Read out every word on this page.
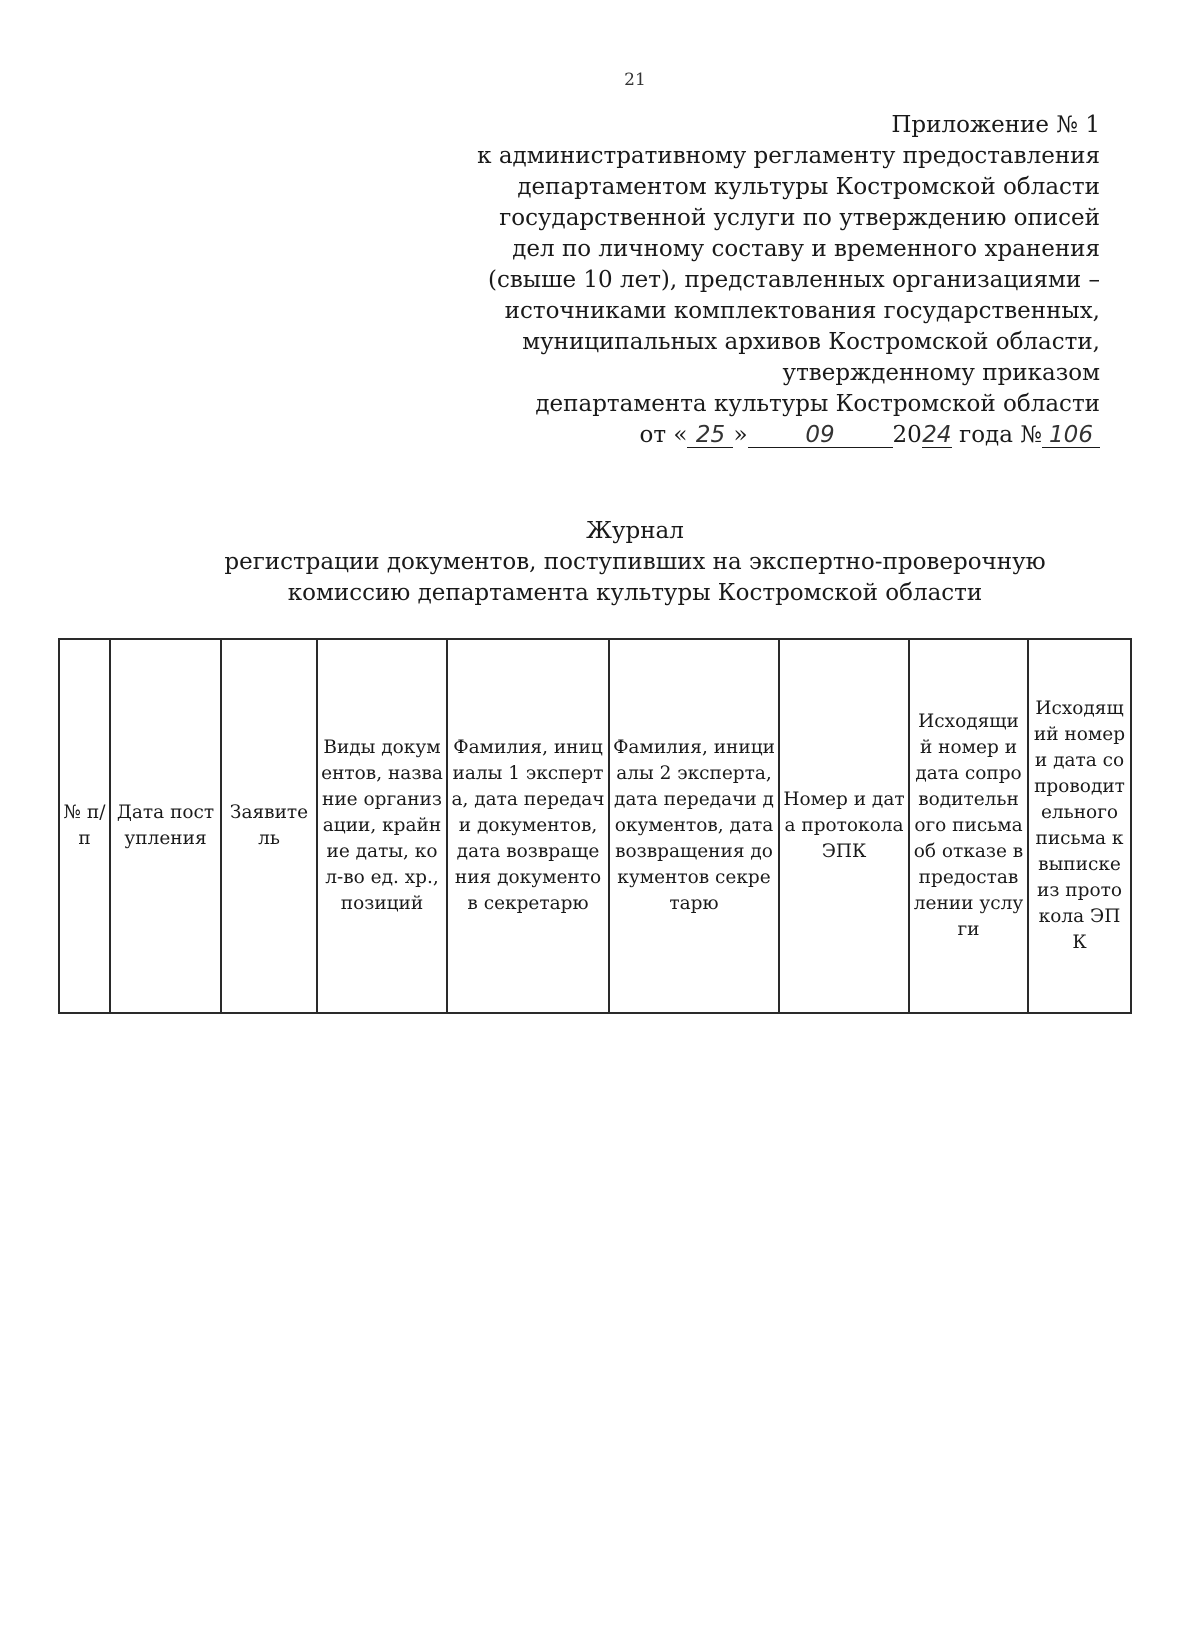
21
Приложение № 1
к административному регламенту предоставления
департаментом культуры Костромской области
государственной услуги по утверждению описей
дел по личному составу и временного хранения
(свыше 10 лет), представленных организациями –
источниками комплектования государственных,
муниципальных архивов Костромской области,
утвержденному приказом
департамента культуры Костромской области
от « 25 »	09	2024 года № 106
Журнал
регистрации документов, поступивших на экспертно-проверочную
комиссию департамента культуры Костромской области
№ п/п	Дата поступления	Заявитель	Виды документов, название организации, крайние даты, кол-во ед. хр., позиций	Фамилия, инициалы 1 эксперта, дата передачи документов, дата возвращения документов секретарю	Фамилия, инициалы 2 эксперта, дата передачи документов, дата возвращения документов секретарю	Номер и дата протокола ЭПК	Исходящий номер и дата сопроводительного письма об отказе в предоставлении услуги	Исходящий номер и дата сопроводительного письма к выписке из протокола ЭПК
